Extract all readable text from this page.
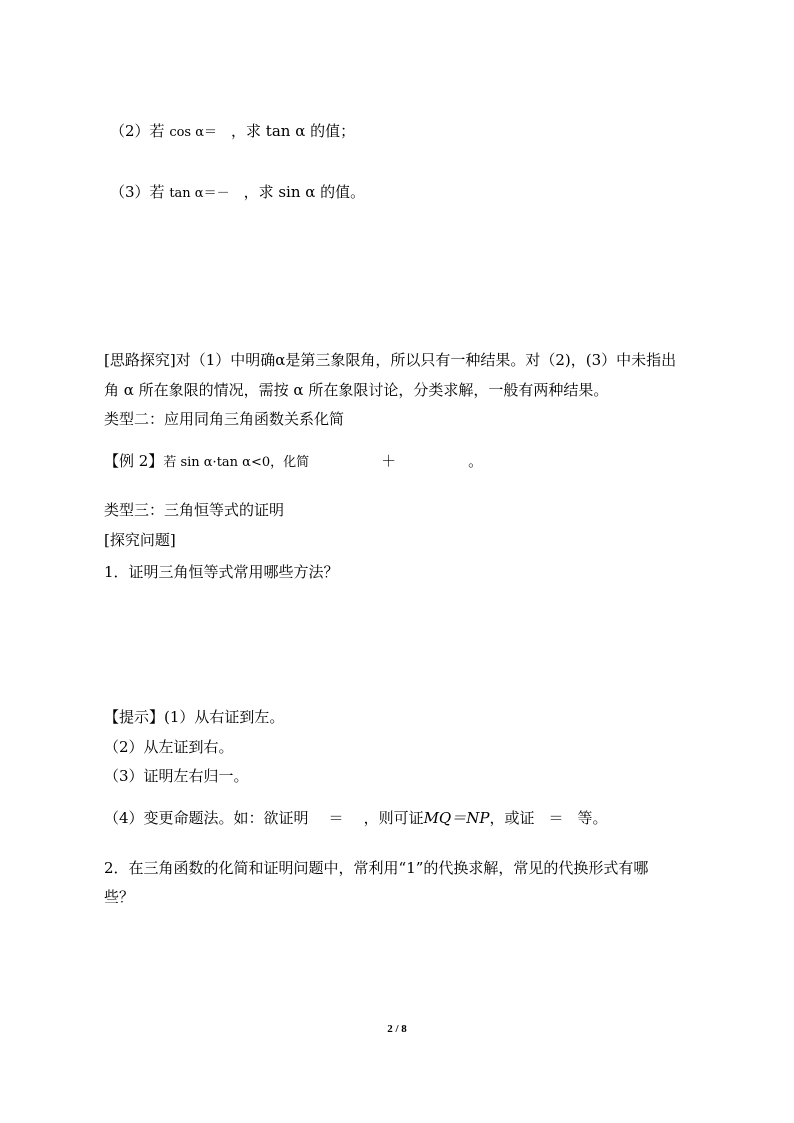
（2）若 cos α＝ ，求 tan α 的值；
（3）若 tan α＝－ ，求 sin α 的值。
[思路探究]对（1）中明确α是第三象限角，所以只有一种结果。对（2)，(3）中未指出
角 α 所在象限的情况，需按 α 所在象限讨论，分类求解，一般有两种结果。
类型二：应用同角三角函数关系化简
【例 2】若 sin α·tan α<0，化简	＋	。
类型三：三角恒等式的证明
[探究问题]
1．证明三角恒等式常用哪些方法？
【提示】(1）从右证到左。
（2）从左证到右。
（3）证明左右归一。
（4）变更命题法。如：欲证明 ＝ ，则可证MQ＝NP，或证 ＝ 等。
2．在三角函数的化简和证明问题中，常利用“1”的代换求解，常见的代换形式有哪
些？
2 / 8
